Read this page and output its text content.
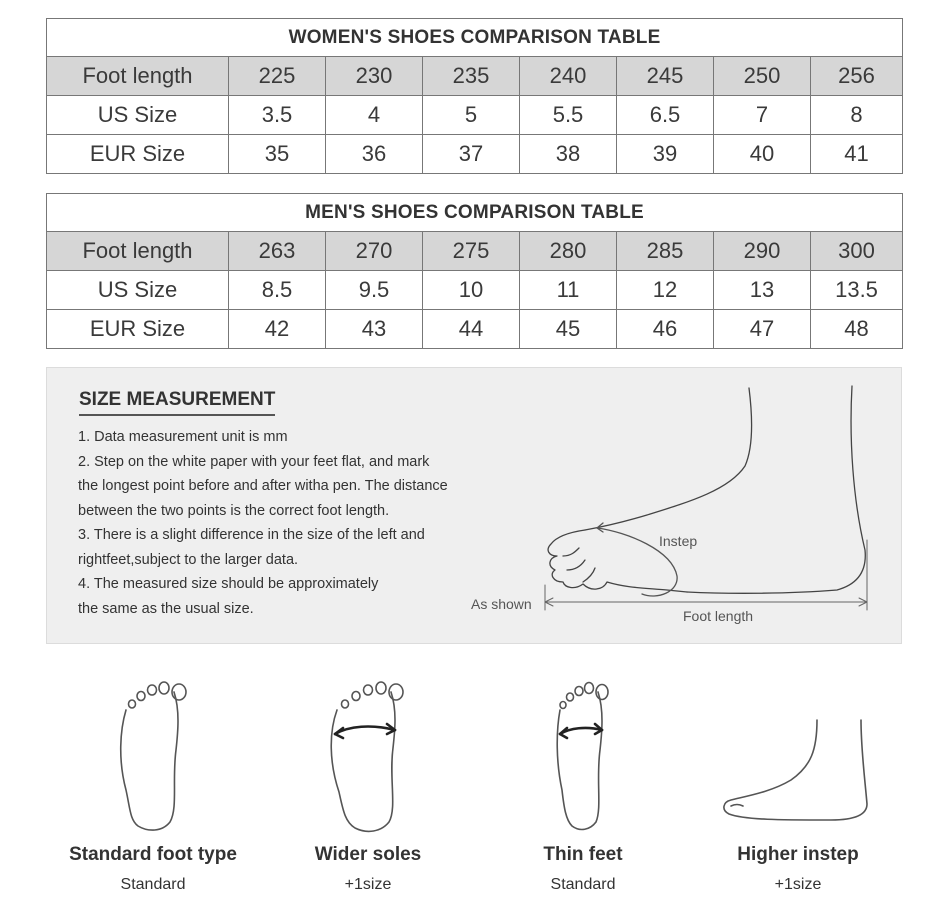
WOMEN'S SHOES COMPARISON TABLE							
Foot length	225	230	235	240	245	250	256
US Size	3.5	4	5	5.5	6.5	7	8
EUR Size	35	36	37	38	39	40	41
MEN'S SHOES COMPARISON TABLE							
Foot length	263	270	275	280	285	290	300
US Size	8.5	9.5	10	11	12	13	13.5
EUR Size	42	43	44	45	46	47	48
SIZE MEASUREMENT

1. Data measurement unit is mm

2. Step on the white paper with your feet flat, and mark

the longest point before and after witha pen. The distance

between the two points is the correct foot length.

3. There is a slight difference in the size of the left and

rightfeet,subject to the larger data.

4. The measured size should be approximately

the same as the usual size.

Instep
As shown
Foot length
Standard foot type
Standard
Wider soles
+1size
Thin feet
Standard
Higher instep
+1size
